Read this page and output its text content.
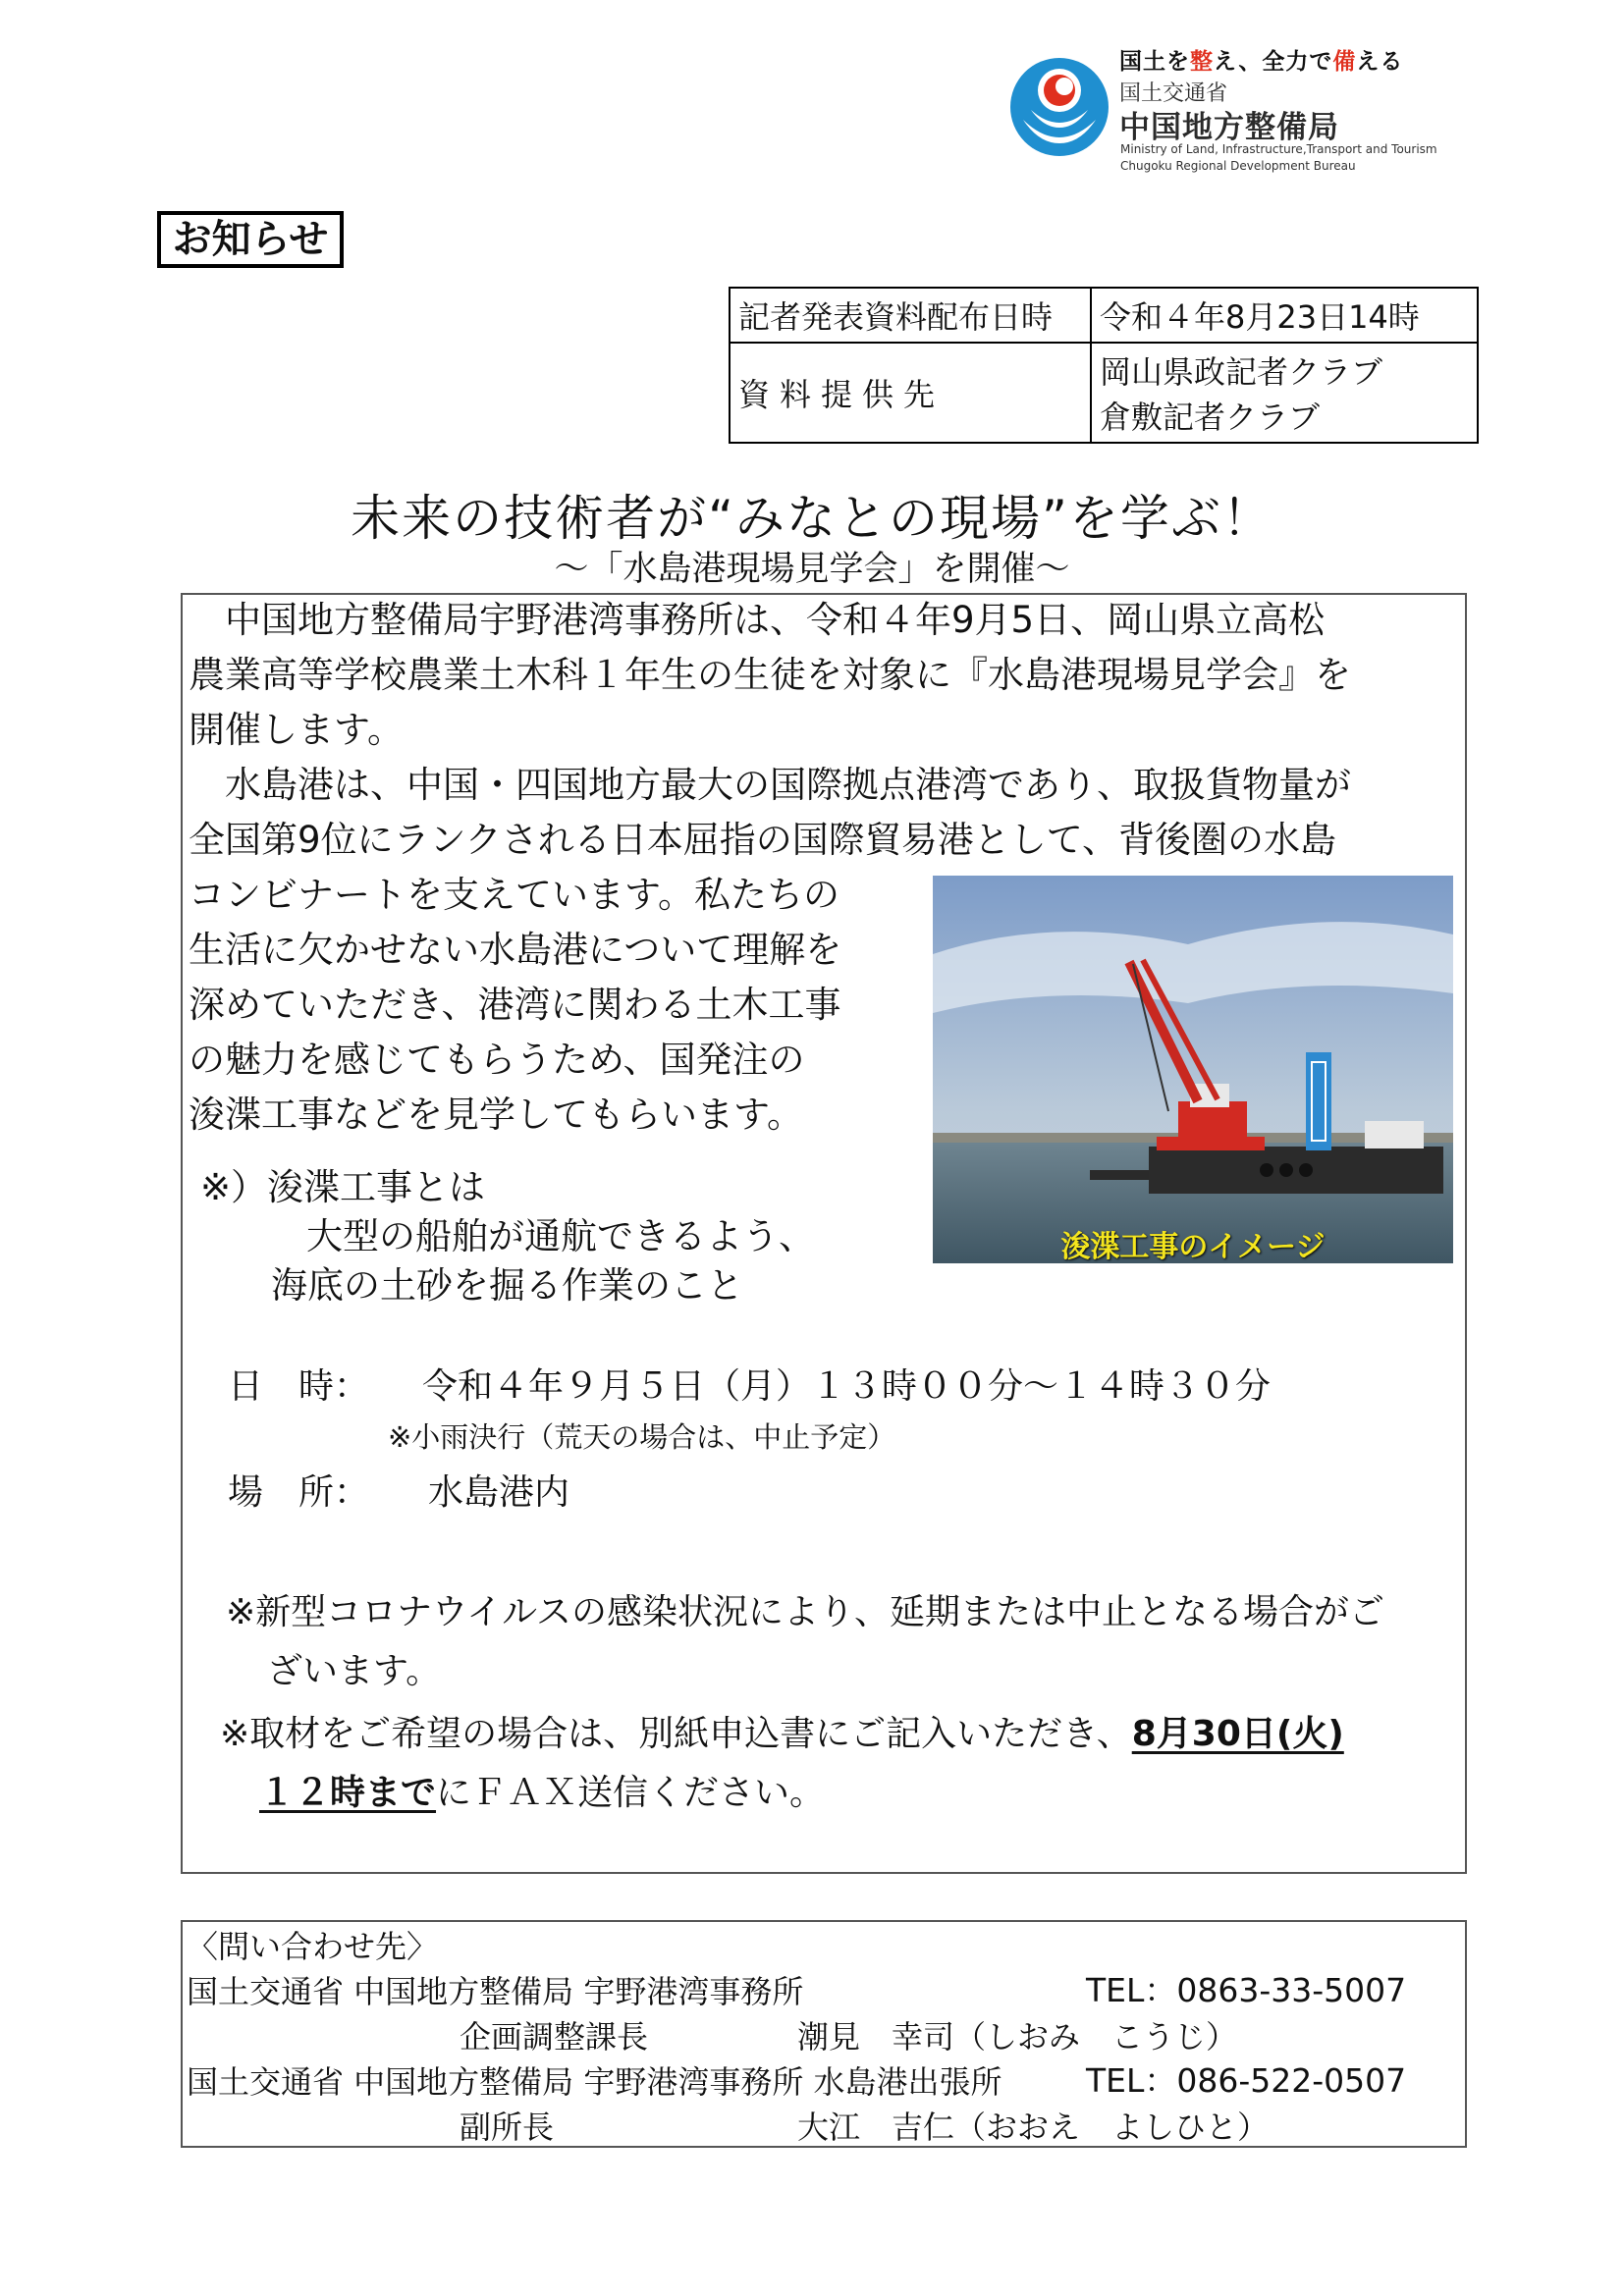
国土を整え、全力で備える
国土交通省
中国地方整備局
Ministry of Land, Infrastructure,Transport and Tourism
Chugoku Regional Development Bureau
お知らせ
記者発表資料配布日時	令和４年8月23日14時
資料提供先	岡山県政記者クラブ
倉敷記者クラブ
未来の技術者が“みなとの現場”を学ぶ！
～「水島港現場見学会」を開催～
　中国地方整備局宇野港湾事務所は、令和４年9月5日、岡山県立高松
農業高等学校農業土木科１年生の生徒を対象に『水島港現場見学会』を
開催します。
　水島港は、中国・四国地方最大の国際拠点港湾であり、取扱貨物量が
全国第9位にランクされる日本屈指の国際貿易港として、背後圏の水島
コンビナートを支えています。私たちの
生活に欠かせない水島港について理解を
深めていただき、港湾に関わる土木工事
の魅力を感じてもらうため、国発注の
浚渫工事などを見学してもらいます。
※）浚渫工事とは
大型の船舶が通航できるよう、
海底の土砂を掘る作業のこと
浚渫工事のイメージ
日　時： 令和４年９月５日（月）１３時００分～１４時３０分
※小雨決行（荒天の場合は、中止予定）
場　所： 水島港内
※新型コロナウイルスの感染状況により、延期または中止となる場合がご
ざいます。
※取材をご希望の場合は、別紙申込書にご記入いただき、8月30日(火)
１２時までにＦＡＸ送信ください。
〈問い合わせ先〉
国土交通省 中国地方整備局 宇野港湾事務所	TEL：0863-33-5007
企画調整課長	潮見　幸司（しおみ　こうじ）
国土交通省 中国地方整備局 宇野港湾事務所 水島港出張所	TEL：086-522-0507
副所長	大江　吉仁（おおえ　よしひと）
